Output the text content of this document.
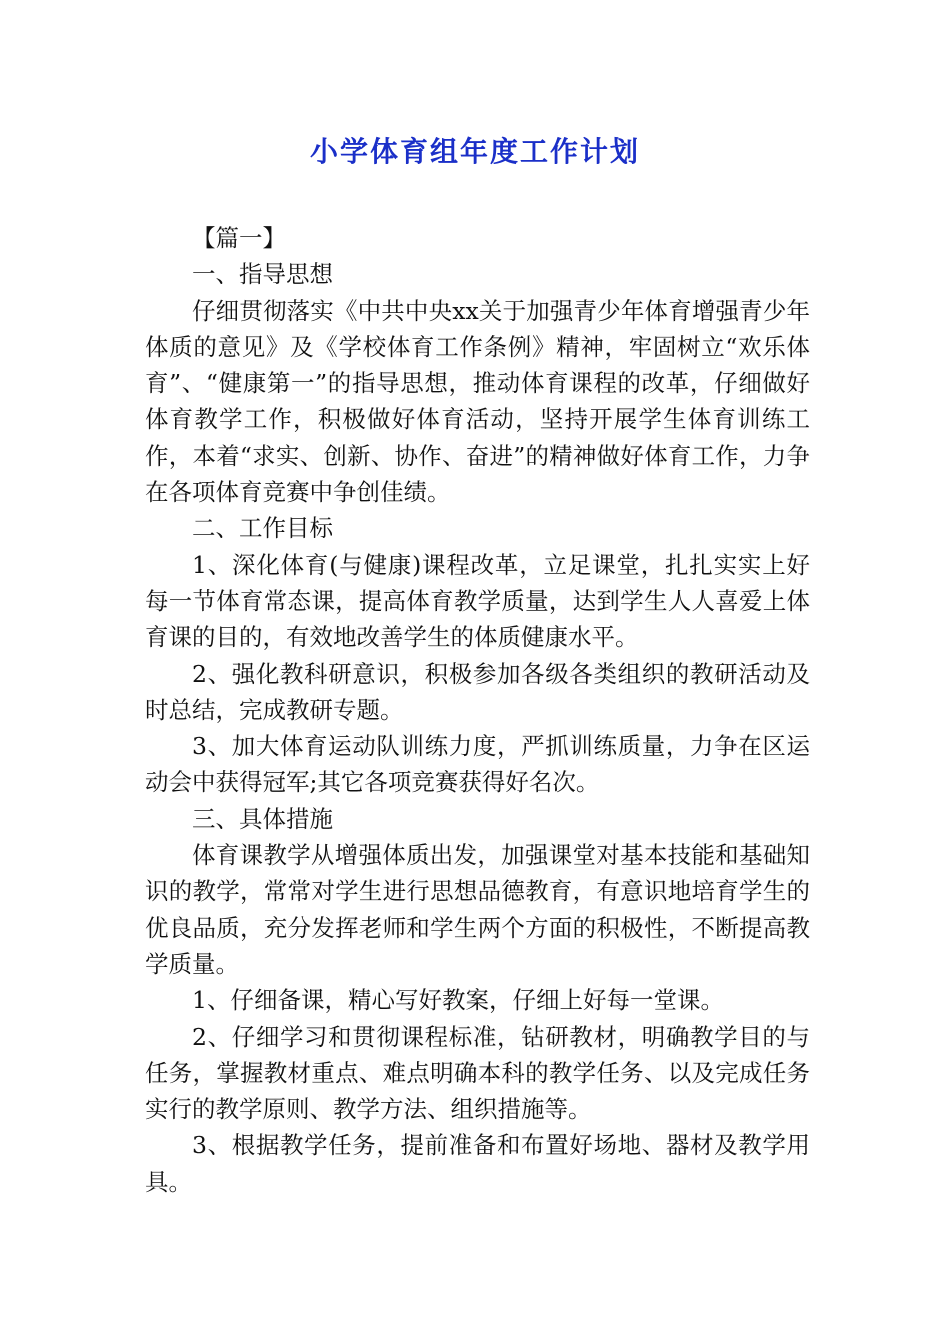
小学体育组年度工作计划

【篇一】

一、指导思想

仔细贯彻落实《中共中央xx关于加强青少年体育增强青少年体质的意见》及《学校体育工作条例》精神，牢固树立“欢乐体育”、“健康第一”的指导思想，推动体育课程的改革，仔细做好体育教学工作，积极做好体育活动，坚持开展学生体育训练工作，本着“求实、创新、协作、奋进”的精神做好体育工作，力争在各项体育竞赛中争创佳绩。

二、工作目标

1、深化体育(与健康)课程改革，立足课堂，扎扎实实上好每一节体育常态课，提高体育教学质量，达到学生人人喜爱上体育课的目的，有效地改善学生的体质健康水平。

2、强化教科研意识，积极参加各级各类组织的教研活动及时总结，完成教研专题。

3、加大体育运动队训练力度，严抓训练质量，力争在区运动会中获得冠军;其它各项竞赛获得好名次。

三、具体措施

体育课教学从增强体质出发，加强课堂对基本技能和基础知识的教学，常常对学生进行思想品德教育，有意识地培育学生的优良品质，充分发挥老师和学生两个方面的积极性，不断提高教学质量。

1、仔细备课，精心写好教案，仔细上好每一堂课。

2、仔细学习和贯彻课程标准，钻研教材，明确教学目的与任务，掌握教材重点、难点明确本科的教学任务、以及完成任务实行的教学原则、教学方法、组织措施等。

3、根据教学任务，提前准备和布置好场地、器材及教学用具。
